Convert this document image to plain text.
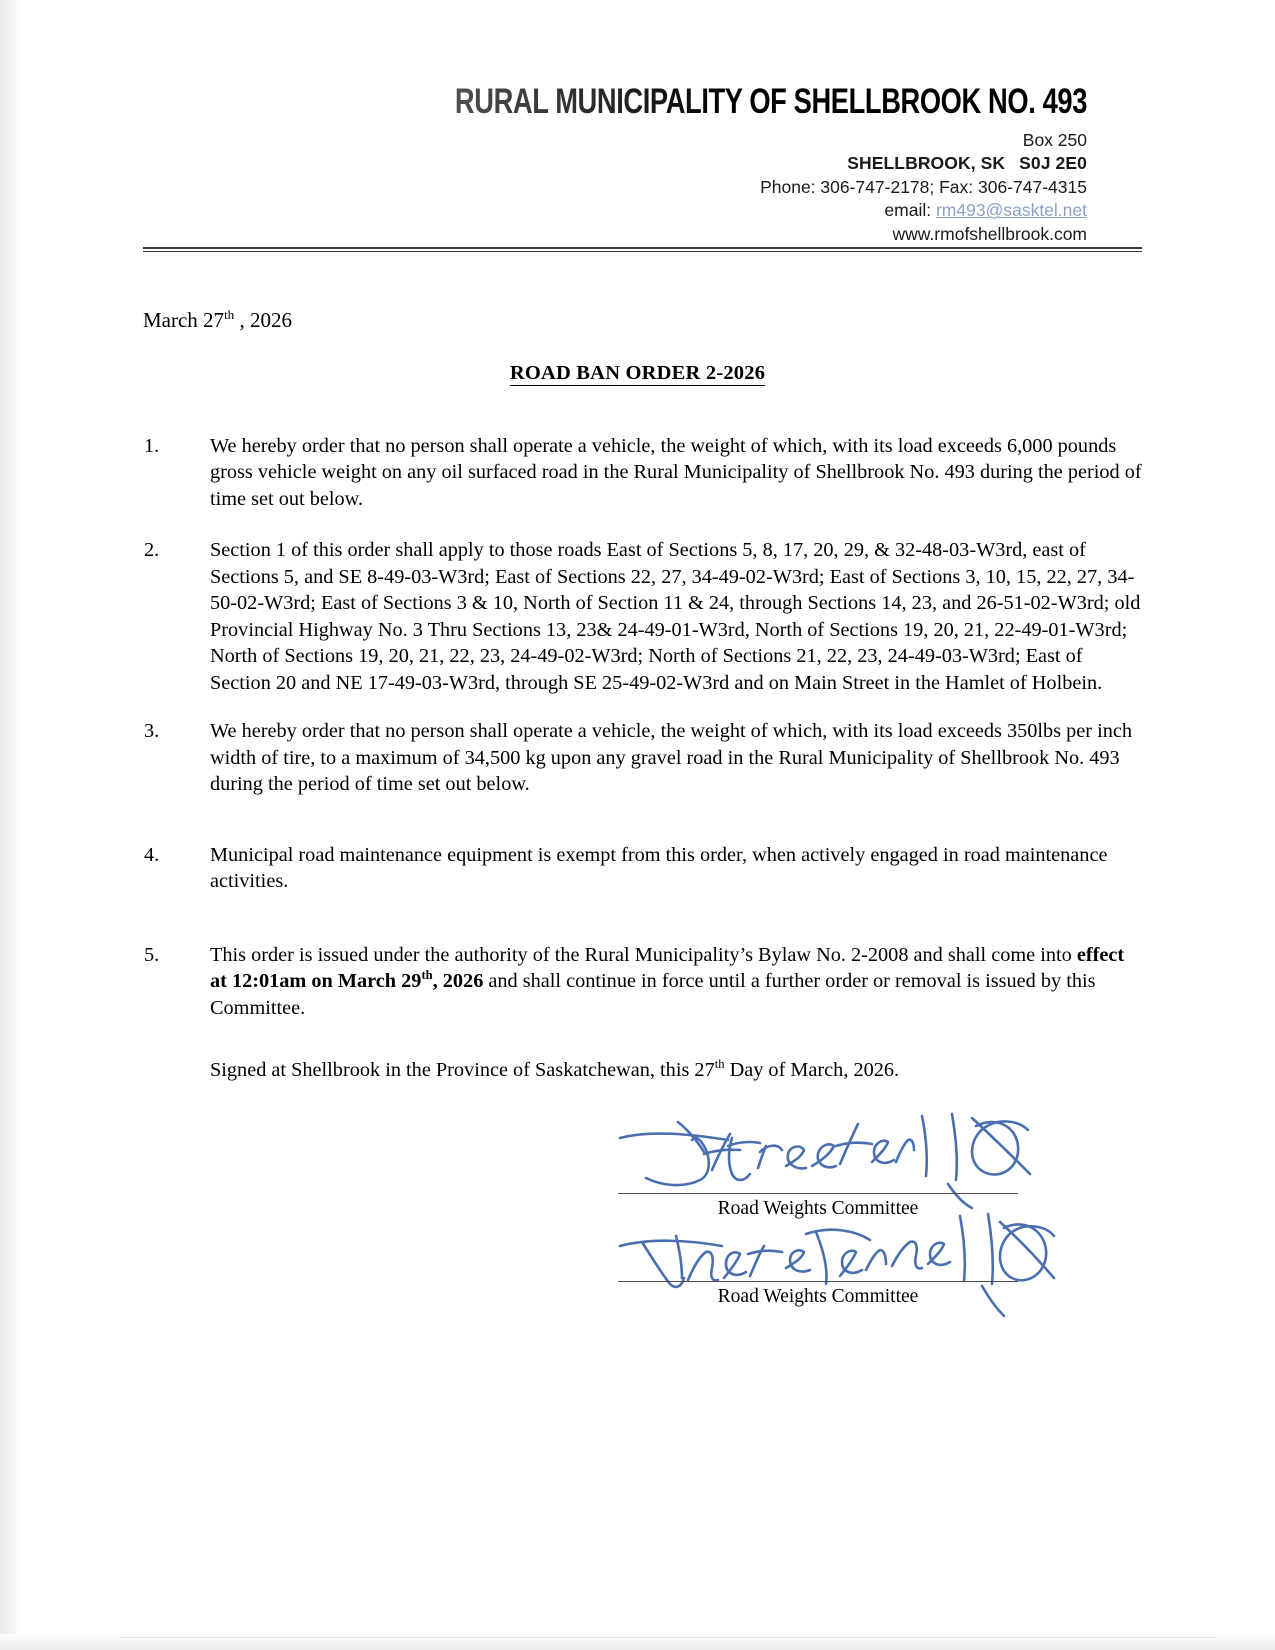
RURAL MUNICIPALITY OF SHELLBROOK NO. 493
Box 250
SHELLBROOK, SK S0J 2E0
Phone: 306-747-2178; Fax: 306-747-4315
email: rm493@sasktel.net
www.rmofshellbrook.com
March 27th , 2026
ROAD BAN ORDER 2-2026
1.	We hereby order that no person shall operate a vehicle, the weight of which, with its load exceeds 6,000 pounds gross vehicle weight on any oil surfaced road in the Rural Municipality of Shellbrook No. 493 during the period of time set out below.
2.	Section 1 of this order shall apply to those roads East of Sections 5, 8, 17, 20, 29, & 32-48-03-W3rd, east of Sections 5, and SE 8-49-03-W3rd; East of Sections 22, 27, 34-49-02-W3rd; East of Sections 3, 10, 15, 22, 27, 34-50-02-W3rd; East of Sections 3 & 10, North of Section 11 & 24, through Sections 14, 23, and 26-51-02-W3rd; old Provincial Highway No. 3 Thru Sections 13, 23& 24-49-01-W3rd, North of Sections 19, 20, 21, 22-49-01-W3rd; North of Sections 19, 20, 21, 22, 23, 24-49-02-W3rd; North of Sections 21, 22, 23, 24-49-03-W3rd; East of Section 20 and NE 17-49-03-W3rd, through SE 25-49-02-W3rd and on Main Street in the Hamlet of Holbein.
3.	We hereby order that no person shall operate a vehicle, the weight of which, with its load exceeds 350lbs per inch width of tire, to a maximum of 34,500 kg upon any gravel road in the Rural Municipality of Shellbrook No. 493 during the period of time set out below.
4.	Municipal road maintenance equipment is exempt from this order, when actively engaged in road maintenance activities.
5.	This order is issued under the authority of the Rural Municipality’s Bylaw No. 2-2008 and shall come into effect at 12:01am on March 29th, 2026 and shall continue in force until a further order or removal is issued by this Committee.
Signed at Shellbrook in the Province of Saskatchewan, this 27th Day of March, 2026.
Road Weights Committee
Road Weights Committee
